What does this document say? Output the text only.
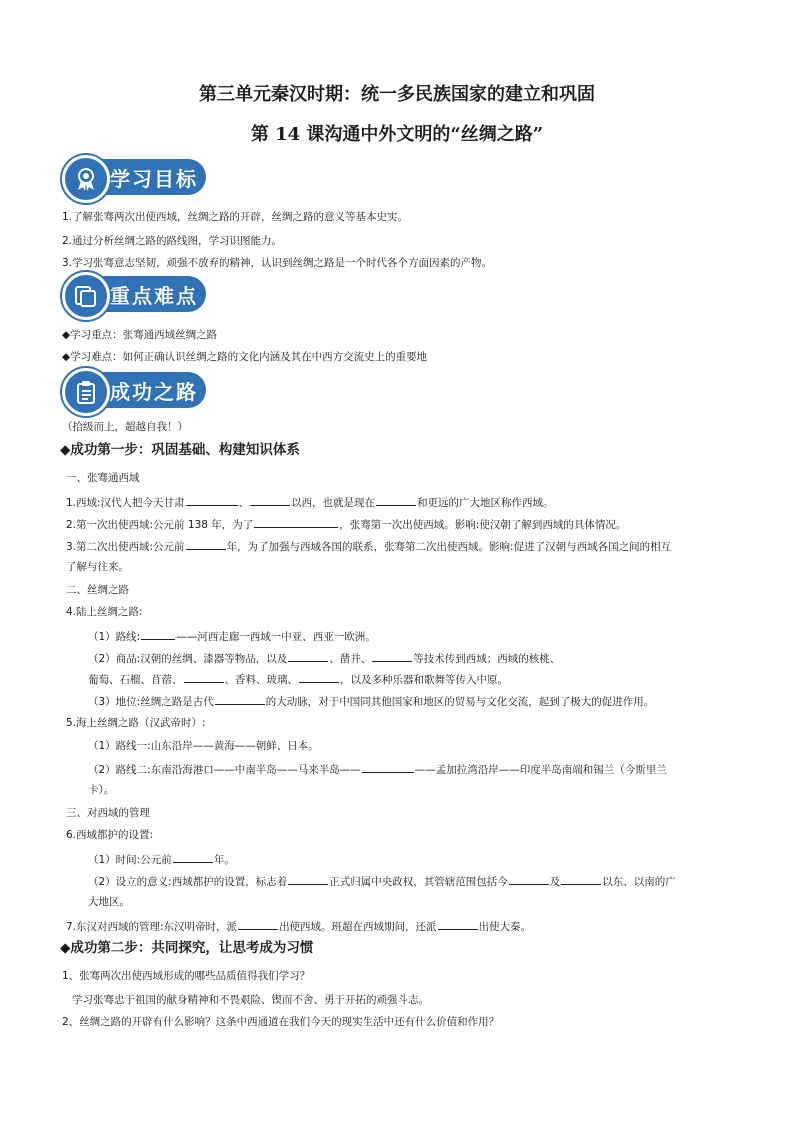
第三单元秦汉时期：统一多民族国家的建立和巩固
第 14 课沟通中外文明的“丝绸之路”
学习目标
1.了解张骞两次出使西域，丝绸之路的开辟，丝绸之路的意义等基本史实。
2.通过分析丝绸之路的路线图，学习识图能力。
3.学习张骞意志坚韧，顽强不放弃的精神，认识到丝绸之路是一个时代各个方面因素的产物。
重点难点
◆学习重点：张骞通西域丝绸之路
◆学习难点：如何正确认识丝绸之路的文化内涵及其在中西方交流史上的重要地
成功之路
（拾级而上，超越自我！）
◆成功第一步：巩固基础、构建知识体系
一、张骞通西域
1.西域:汉代人把今天甘肃	、	以西，也就是现在	和更远的广大地区称作西域。
2.第一次出使西域:公元前 138 年，为了	，张骞第一次出使西域。影响:使汉朝了解到西域的具体情况。
3.第二次出使西域:公元前	年，为了加强与西域各国的联系，张骞第二次出使西域。影响:促进了汉朝与西域各国之间的相互
了解与往来。
二、丝绸之路
4.陆上丝绸之路:
（1）路线:	——河西走廊一西域一中亚、西亚一欧洲。
（2）商品:汉朝的丝绸、漆器等物品，以及	、凿井、	等技术传到西域；西域的核桃、
葡萄、石榴、苜蓿、	、香料、玻璃、	，以及多种乐器和歌舞等传入中原。
（3）地位:丝绸之路是古代	的大动脉，对于中国同其他国家和地区的贸易与文化交流，起到了极大的促进作用。
5.海上丝绸之路（汉武帝时）:
（1）路线一:山东沿岸——黄海——朝鲜、日本。
（2）路线二:东南沿海港口——中南半岛——马来半岛——	——孟加拉湾沿岸——印度半岛南端和锡兰（今斯里兰
卡）。
三、对西域的管理
6.西域都护的设置:
（1）时间:公元前	年。
（2）设立的意义:西域都护的设置，标志着	正式归属中央政权，其管辖范围包括今	及	以东、以南的广
大地区。
7.东汉对西域的管理:东汉明帝时，派	出使西域。班超在西域期间，还派	出使大秦。
◆成功第二步：共同探究，让思考成为习惯
1、张骞两次出使西域形成的哪些品质值得我们学习？
学习张骞忠于祖国的献身精神和不畏艰险、锲而不舍、勇于开拓的顽强斗志。
2、丝绸之路的开辟有什么影响？这条中西通道在我们今天的现实生活中还有什么价值和作用？
